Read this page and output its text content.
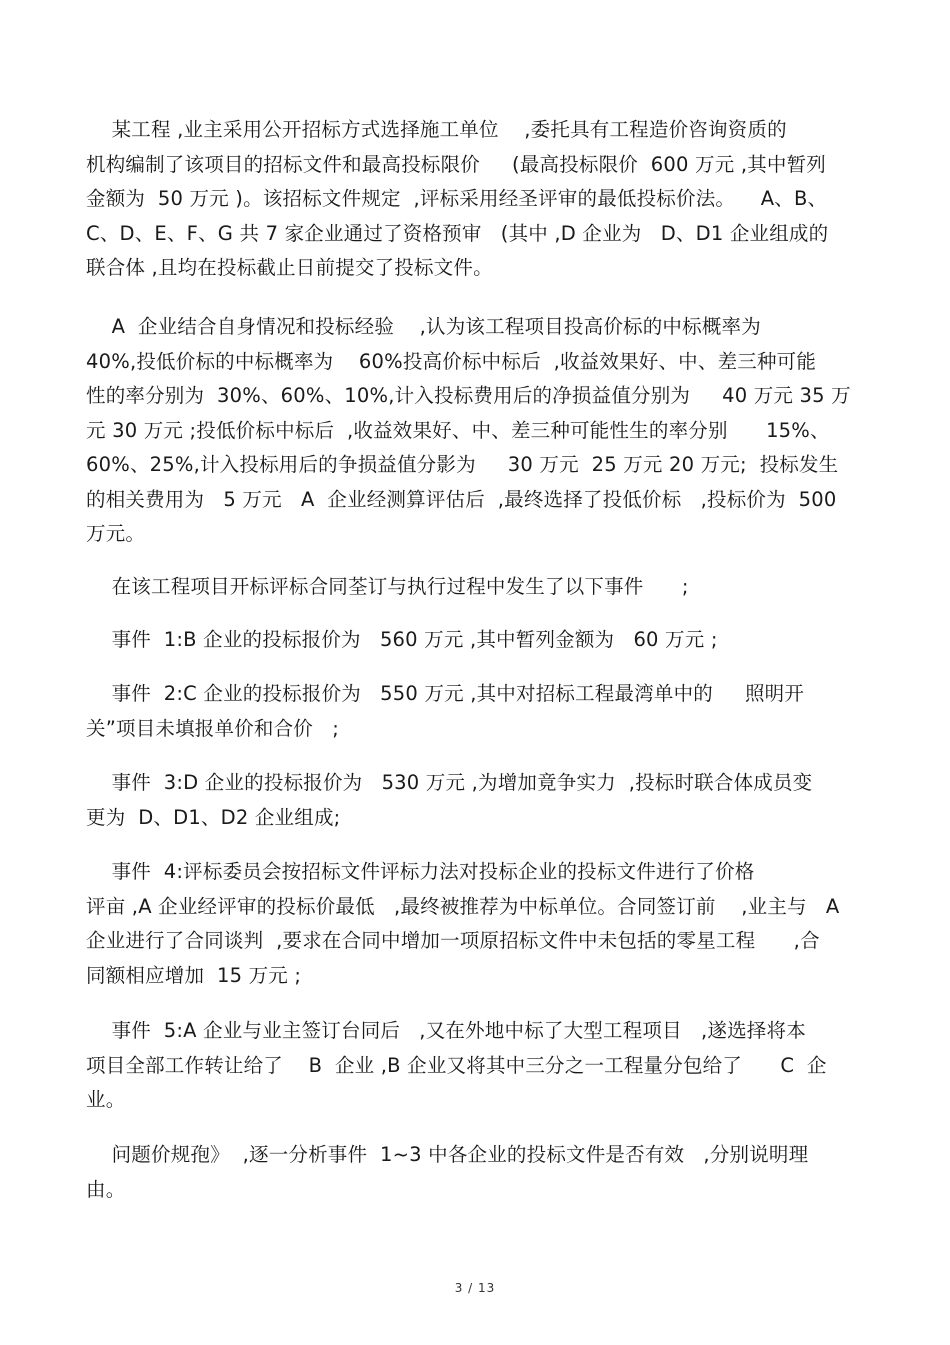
某工程 ,业主采用公开招标方式选择施工单位    ,委托具有工程造价咨询资质的
机构编制了该项目的招标文件和最高投标限价     (最高投标限价  600 万元 ,其中暂列
金额为  50 万元 )。该招标文件规定  ,评标采用经圣评审的最低投标价法。    A、B、
C、D、E、F、G 共 7 家企业通过了资格预审   (其中 ,D 企业为   D、D1 企业组成的
联合体 ,且均在投标截止日前提交了投标文件。
A  企业结合自身情况和投标经验    ,认为该工程项目投高价标的中标概率为
40%,投低价标的中标概率为    60%投高价标中标后  ,收益效果好、中、差三种可能
性的率分别为  30%、60%、10%,计入投标费用后的净损益值分别为     40 万元 35 万
元 30 万元 ;投低价标中标后  ,收益效果好、中、差三种可能性生的率分别      15%、
60%、25%,计入投标用后的争损益值分影为     30 万元  25 万元 20 万元;  投标发生
的相关费用为   5 万元   A  企业经测算评估后  ,最终选择了投低价标   ,投标价为  500
万元。
在该工程项目开标评标合同荃订与执行过程中发生了以下事件      ;
事件  1:B 企业的投标报价为   560 万元 ,其中暂列金额为   60 万元 ;
事件  2:C 企业的投标报价为   550 万元 ,其中对招标工程最湾单中的     照明开
关”项目未填报单价和合价   ;
事件  3:D 企业的投标报价为   530 万元 ,为增加竟争实力  ,投标时联合体成员变
更为  D、D1、D2 企业组成;
事件  4:评标委员会按招标文件评标力法对投标企业的投标文件进行了价格
评亩 ,A 企业经评审的投标价最低   ,最终被推荐为中标单位。合同签订前    ,业主与   A
企业进行了合同谈判  ,要求在合同中增加一项原招标文件中未包括的零星工程      ,合
同额相应增加  15 万元 ;
事件  5:A 企业与业主签订台同后   ,又在外地中标了大型工程项目   ,遂选择将本
项目全部工作转让给了    B  企业 ,B 企业又将其中三分之一工程量分包给了      C  企
业。
问题价规孢》  ,逐一分析事件  1~3 中各企业的投标文件是否有效   ,分别说明理
由。
3 / 13
